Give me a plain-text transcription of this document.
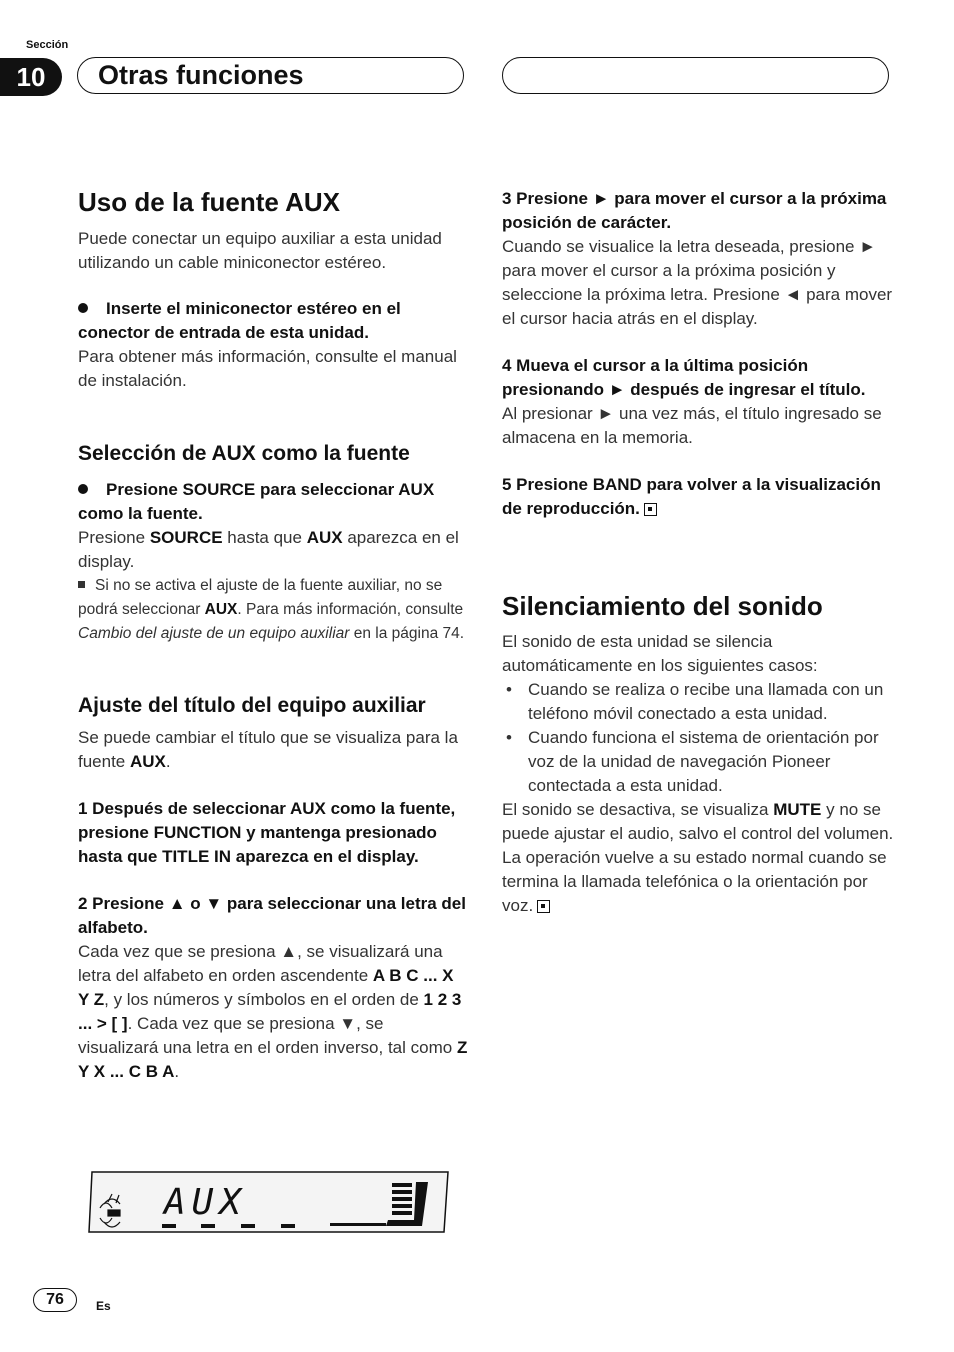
Sección
10	Otras funciones
Uso de la fuente AUX
Puede conectar un equipo auxiliar a esta unidad utilizando un cable miniconector estéreo.
Inserte el miniconector estéreo en el conector de entrada de esta unidad.
Para obtener más información, consulte el manual de instalación.
Selección de AUX como la fuente
Presione SOURCE para seleccionar AUX como la fuente.
Presione SOURCE hasta que AUX aparezca en el display.
Si no se activa el ajuste de la fuente auxiliar, no se podrá seleccionar AUX. Para más información, consulte Cambio del ajuste de un equipo auxiliar en la página 74.
Ajuste del título del equipo auxiliar
Se puede cambiar el título que se visualiza para la fuente AUX.
1 Después de seleccionar AUX como la fuente, presione FUNCTION y mantenga presionado hasta que TITLE IN aparezca en el display.
2 Presione ▲ o ▼ para seleccionar una letra del alfabeto.
Cada vez que se presiona ▲, se visualizará una letra del alfabeto en orden ascendente A B C ... X Y Z, y los números y símbolos en el orden de 1 2 3 ... > [ ]. Cada vez que se presiona ▼, se visualizará una letra en el orden inverso, tal como Z Y X ... C B A.
AUX
3 Presione ► para mover el cursor a la próxima posición de carácter.
Cuando se visualice la letra deseada, presione ► para mover el cursor a la próxima posición y seleccione la próxima letra. Presione ◄ para mover el cursor hacia atrás en el display.
4 Mueva el cursor a la última posición presionando ► después de ingresar el título.
Al presionar ► una vez más, el título ingresado se almacena en la memoria.
5 Presione BAND para volver a la visualización de reproducción.
Silenciamiento del sonido
El sonido de esta unidad se silencia automáticamente en los siguientes casos:
• Cuando se realiza o recibe una llamada con un teléfono móvil conectado a esta unidad.
• Cuando funciona el sistema de orientación por voz de la unidad de navegación Pioneer contectada a esta unidad.
El sonido se desactiva, se visualiza MUTE y no se puede ajustar el audio, salvo el control del volumen. La operación vuelve a su estado normal cuando se termina la llamada telefónica o la orientación por voz.
76	Es
